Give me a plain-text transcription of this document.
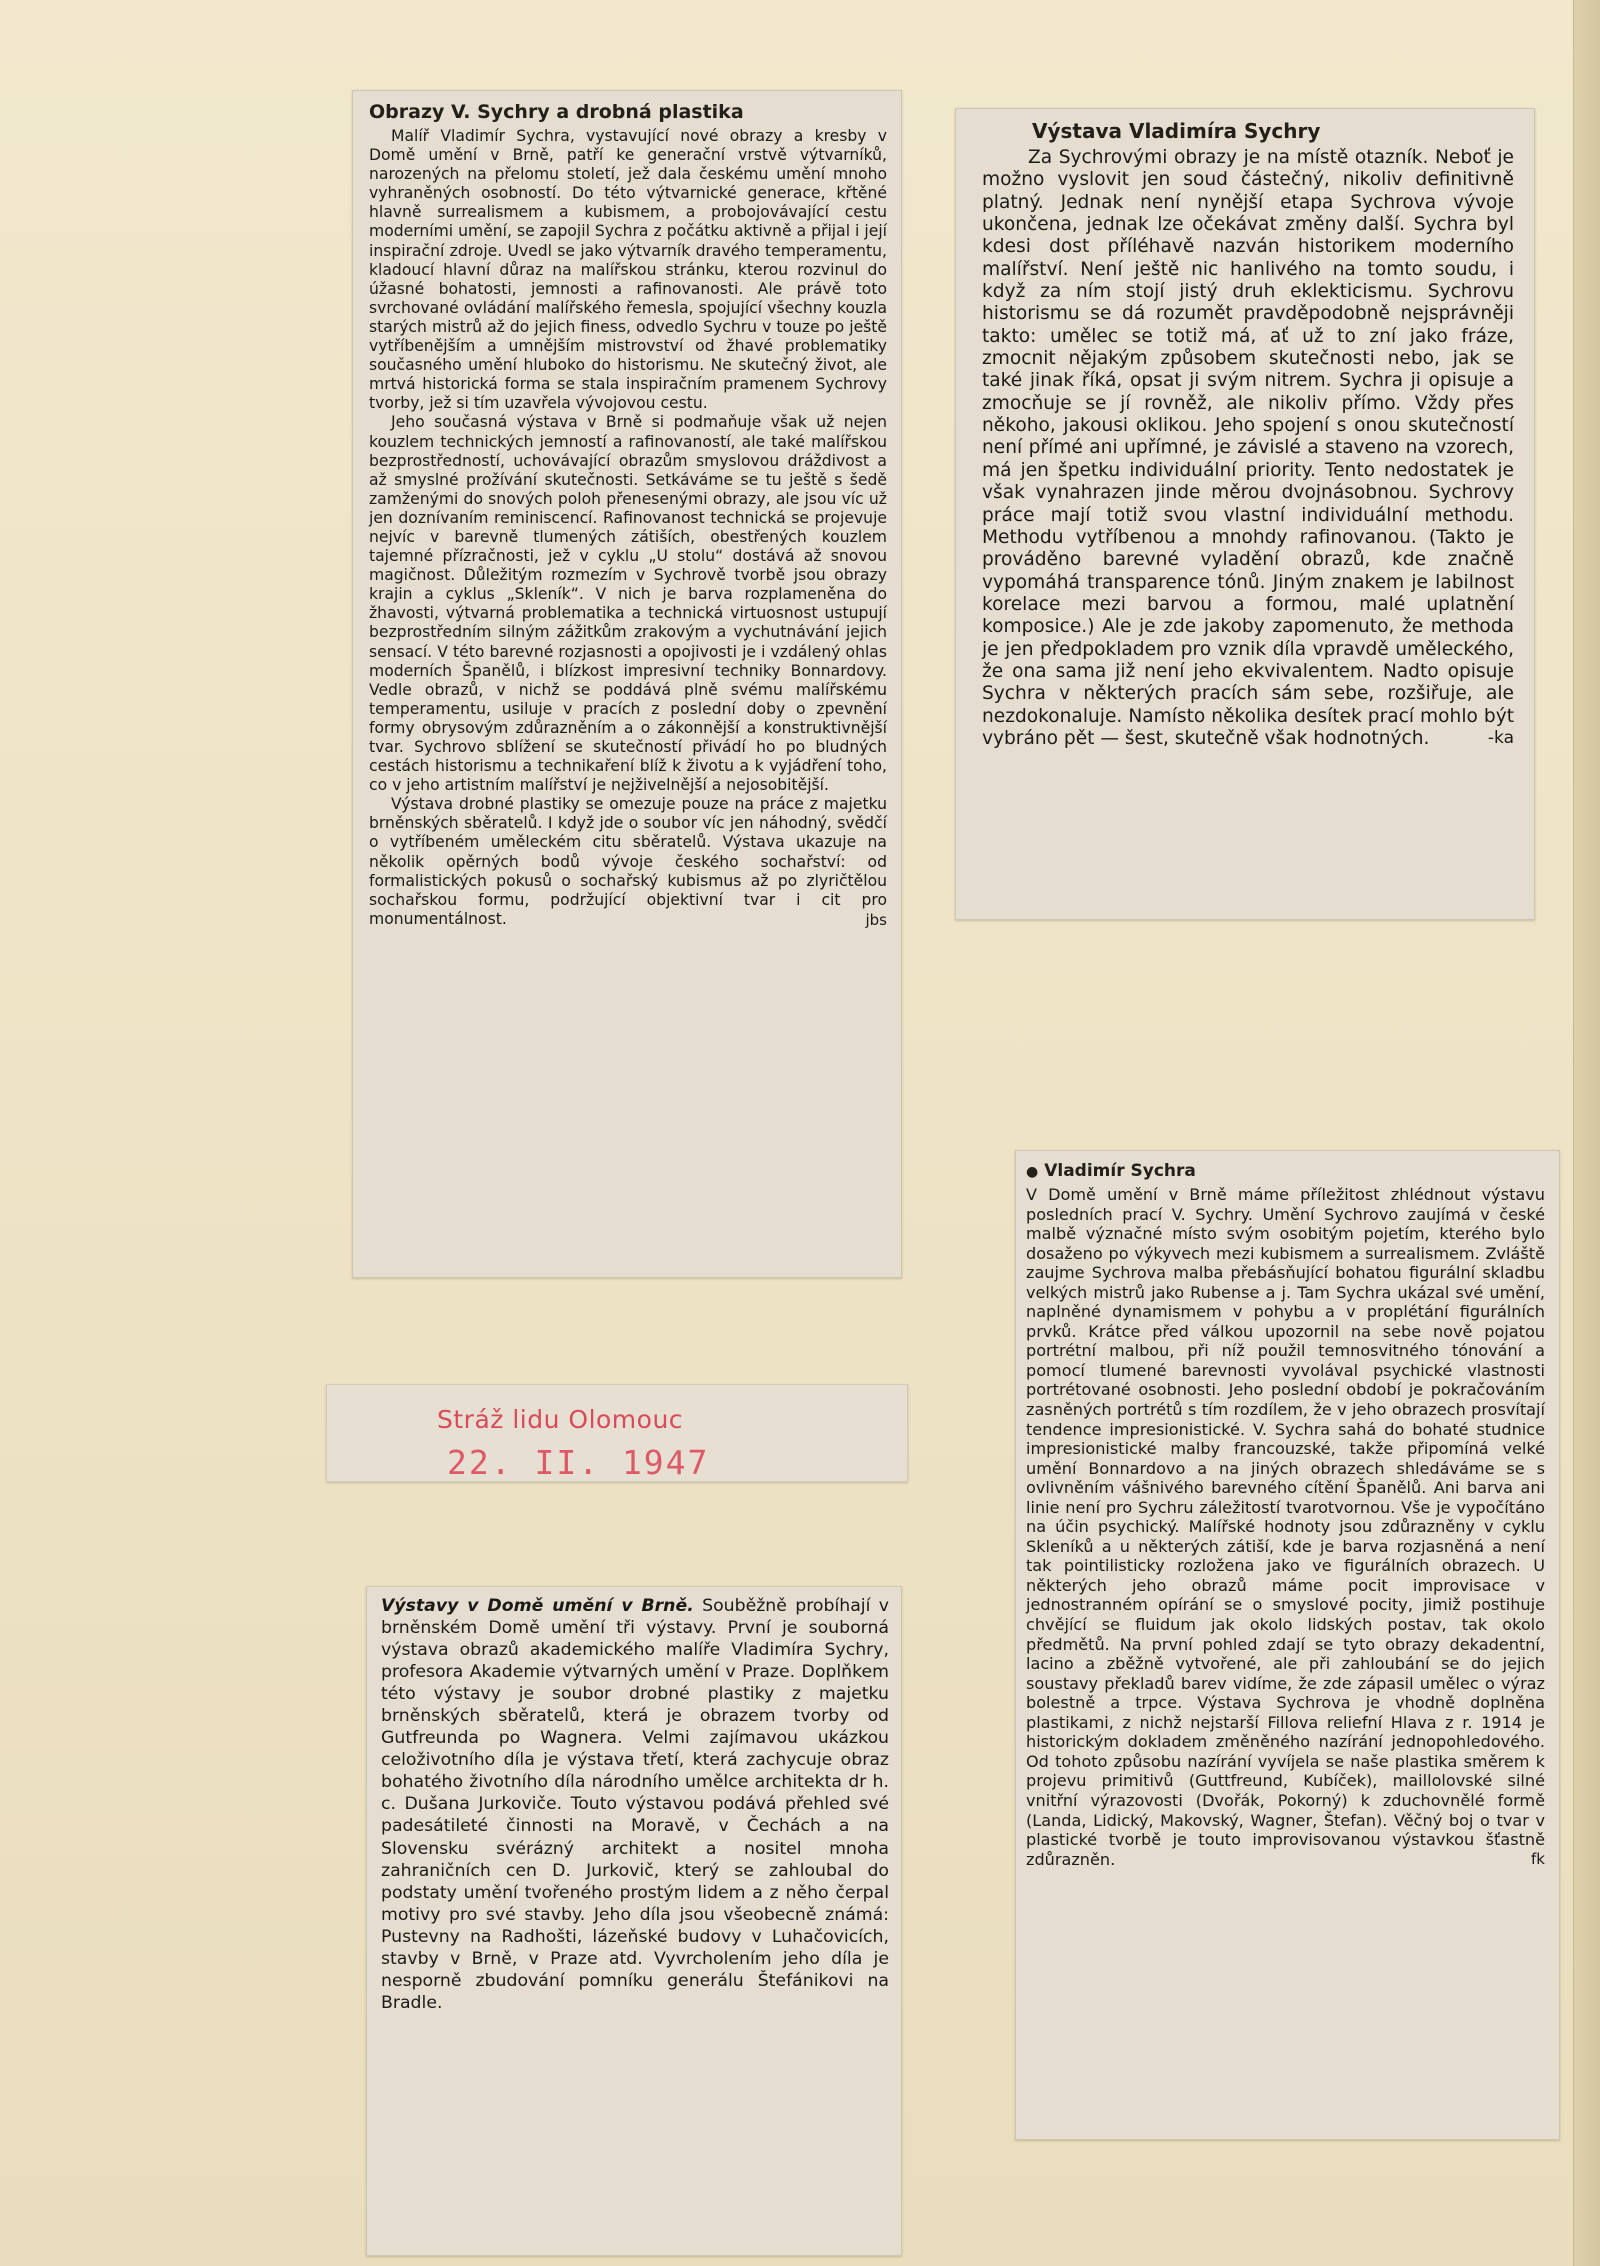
Obrazy V. Sychry a drobná plastika

Malíř Vladimír Sychra, vystavující nové obrazy a kresby v Domě umění v Brně, patří ke generační vrstvě výtvarníků, narozených na přelomu století, jež dala českému umění mnoho vyhraněných osobností. Do této výtvarnické generace, křtěné hlavně surrealismem a kubismem, a probojovávající cestu moderními umění, se zapojil Sychra z počátku aktivně a přijal i její inspirační zdroje. Uvedl se jako výtvarník dravého temperamentu, kladoucí hlavní důraz na malířskou stránku, kterou rozvinul do úžasné bohatosti, jemnosti a rafinovanosti. Ale právě toto svrchované ovládání malířského řemesla, spojující všechny kouzla starých mistrů až do jejich finess, odvedlo Sychru v touze po ještě vytříbenějším a umnějším mistrovství od žhavé problematiky současného umění hluboko do historismu. Ne skutečný život, ale mrtvá historická forma se stala inspiračním pramenem Sychrovy tvorby, jež si tím uzavřela vývojovou cestu.

Jeho současná výstava v Brně si podmaňuje však už nejen kouzlem technických jemností a rafinovaností, ale také malířskou bezprostředností, uchovávající obrazům smyslovou dráždivost a až smyslné prožívání skutečnosti. Setkáváme se tu ještě s šedě zamženými do snových poloh přenesenými obrazy, ale jsou víc už jen doznívaním reminiscencí. Rafinovanost technická se projevuje nejvíc v barevně tlumených zátiších, obestřených kouzlem tajemné přízračnosti, jež v cyklu „U stolu“ dostává až snovou magičnost. Důležitým rozmezím v Sychrově tvorbě jsou obrazy krajin a cyklus „Skleník“. V nich je barva rozplameněna do žhavosti, výtvarná problematika a technická virtuosnost ustupují bezprostředním silným zážitkům zrakovým a vychutnávání jejich sensací. V této barevné rozjasnosti a opojivosti je i vzdálený ohlas moderních Španělů, i blízkost impresivní techniky Bonnardovy. Vedle obrazů, v nichž se poddává plně svému malířskému temperamentu, usiluje v pracích z poslední doby o zpevnění formy obrysovým zdůrazněním a o zákonnější a konstruktivnější tvar. Sychrovo sblížení se skutečností přivádí ho po bludných cestách historismu a technikaření blíž k životu a k vyjádření toho, co v jeho artistním malířství je nejživelnější a nejosobitější.

Výstava drobné plastiky se omezuje pouze na práce z majetku brněnských sběratelů. I když jde o soubor víc jen náhodný, svědčí o vytříbeném uměleckém citu sběratelů. Výstava ukazuje na několik opěrných bodů vývoje českého sochařství: od formalistických pokusů o sochařský kubismus až po zlyričtělou sochařskou formu, podržující objektivní tvar i cit pro monumentálnost.	jbs
Výstava Vladimíra Sychry

Za Sychrovými obrazy je na místě otazník. Neboť je možno vyslovit jen soud částečný, nikoliv definitivně platný. Jednak není nynější etapa Sychrova vývoje ukončena, jednak lze očekávat změny další. Sychra byl kdesi dost příléhavě nazván historikem moderního malířství. Není ještě nic hanlivého na tomto soudu, i když za ním stojí jistý druh eklekticismu. Sychrovu historismu se dá rozumět pravděpodobně nejsprávněji takto: umělec se totiž má, ať už to zní jako fráze, zmocnit nějakým způsobem skutečnosti nebo, jak se také jinak říká, opsat ji svým nitrem. Sychra ji opisuje a zmocňuje se jí rovněž, ale nikoliv přímo. Vždy přes někoho, jakousi oklikou. Jeho spojení s onou skutečností není přímé ani upřímné, je závislé a staveno na vzorech, má jen špetku individuální priority. Tento nedostatek je však vynahrazen jinde měrou dvojnásobnou. Sychrovy práce mají totiž svou vlastní individuální methodu. Methodu vytříbenou a mnohdy rafinovanou. (Takto je prováděno barevné vyladění obrazů, kde značně vypomáhá transparence tónů. Jiným znakem je labilnost korelace mezi barvou a formou, malé uplatnění komposice.) Ale je zde jakoby zapomenuto, že methoda je jen předpokladem pro vznik díla vpravdě uměleckého, že ona sama již není jeho ekvivalentem. Nadto opisuje Sychra v některých pracích sám sebe, rozšiřuje, ale nezdokonaluje. Namísto několika desítek prací mohlo být vybráno pět — šest, skutečně však hodnotných.	-ka
● Vladimír Sychra

V Domě umění v Brně máme příležitost zhlédnout výstavu posledních prací V. Sychry. Umění Sychrovo zaujímá v české malbě význačné místo svým osobitým pojetím, kterého bylo dosaženo po výkyvech mezi kubismem a surrealismem. Zvláště zaujme Sychrova malba přebásňující bohatou figurální skladbu velkých mistrů jako Rubense a j. Tam Sychra ukázal své umění, naplněné dynamismem v pohybu a v proplétání figurálních prvků. Krátce před válkou upozornil na sebe nově pojatou portrétní malbou, při níž použil temnosvitného tónování a pomocí tlumené barevnosti vyvolával psychické vlastnosti portrétované osobnosti. Jeho poslední období je pokračováním zasněných portrétů s tím rozdílem, že v jeho obrazech prosvítají tendence impresionistické. V. Sychra sahá do bohaté studnice impresionistické malby francouzské, takže připomíná velké umění Bonnardovo a na jiných obrazech shledáváme se s ovlivněním vášnivého barevného cítění Španělů. Ani barva ani linie není pro Sychru záležitostí tvarotvornou. Vše je vypočítáno na účin psychický. Malířské hodnoty jsou zdůrazněny v cyklu Skleníků a u některých zátiší, kde je barva rozjasněná a není tak pointilisticky rozložena jako ve figurálních obrazech. U některých jeho obrazů máme pocit improvisace v jednostranném opírání se o smyslové pocity, jimiž postihuje chvějící se fluidum jak okolo lidských postav, tak okolo předmětů. Na první pohled zdají se tyto obrazy dekadentní, lacino a zběžně vytvořené, ale při zahloubání se do jejich soustavy překladů barev vidíme, že zde zápasil umělec o výraz bolestně a trpce. Výstava Sychrova je vhodně doplněna plastikami, z nichž nejstarší Fillova reliefní Hlava z r. 1914 je historickým dokladem změněného nazírání jednopohledového. Od tohoto způsobu nazírání vyvíjela se naše plastika směrem k projevu primitivů (Guttfreund, Kubíček), maillolovské silné vnitřní výrazovosti (Dvořák, Pokorný) k zduchovnělé formě (Landa, Lidický, Makovský, Wagner, Štefan). Věčný boj o tvar v plastické tvorbě je touto improvisovanou výstavkou šťastně zdůrazněn.	fk
Stráž lidu Olomouc
22. II. 1947

Výstavy v Domě umění v Brně. Souběžně probíhají v brněnském Domě umění tři výstavy. První je souborná výstava obrazů akademického malíře Vladimíra Sychry, profesora Akademie výtvarných umění v Praze. Doplňkem této výstavy je soubor drobné plastiky z majetku brněnských sběratelů, která je obrazem tvorby od Gutfreunda po Wagnera. Velmi zajímavou ukázkou celoživotního díla je výstava třetí, která zachycuje obraz bohatého životního díla národního umělce architekta dr h. c. Dušana Jurkoviče. Touto výstavou podává přehled své padesátileté činnosti na Moravě, v Čechách a na Slovensku svérázný architekt a nositel mnoha zahraničních cen D. Jurkovič, který se zahloubal do podstaty umění tvořeného prostým lidem a z něho čerpal motivy pro své stavby. Jeho díla jsou všeobecně známá: Pustevny na Radhošti, lázeňské budovy v Luhačovicích, stavby v Brně, v Praze atd. Vyvrcholením jeho díla je nesporně zbudování pomníku generálu Štefánikovi na Bradle.
